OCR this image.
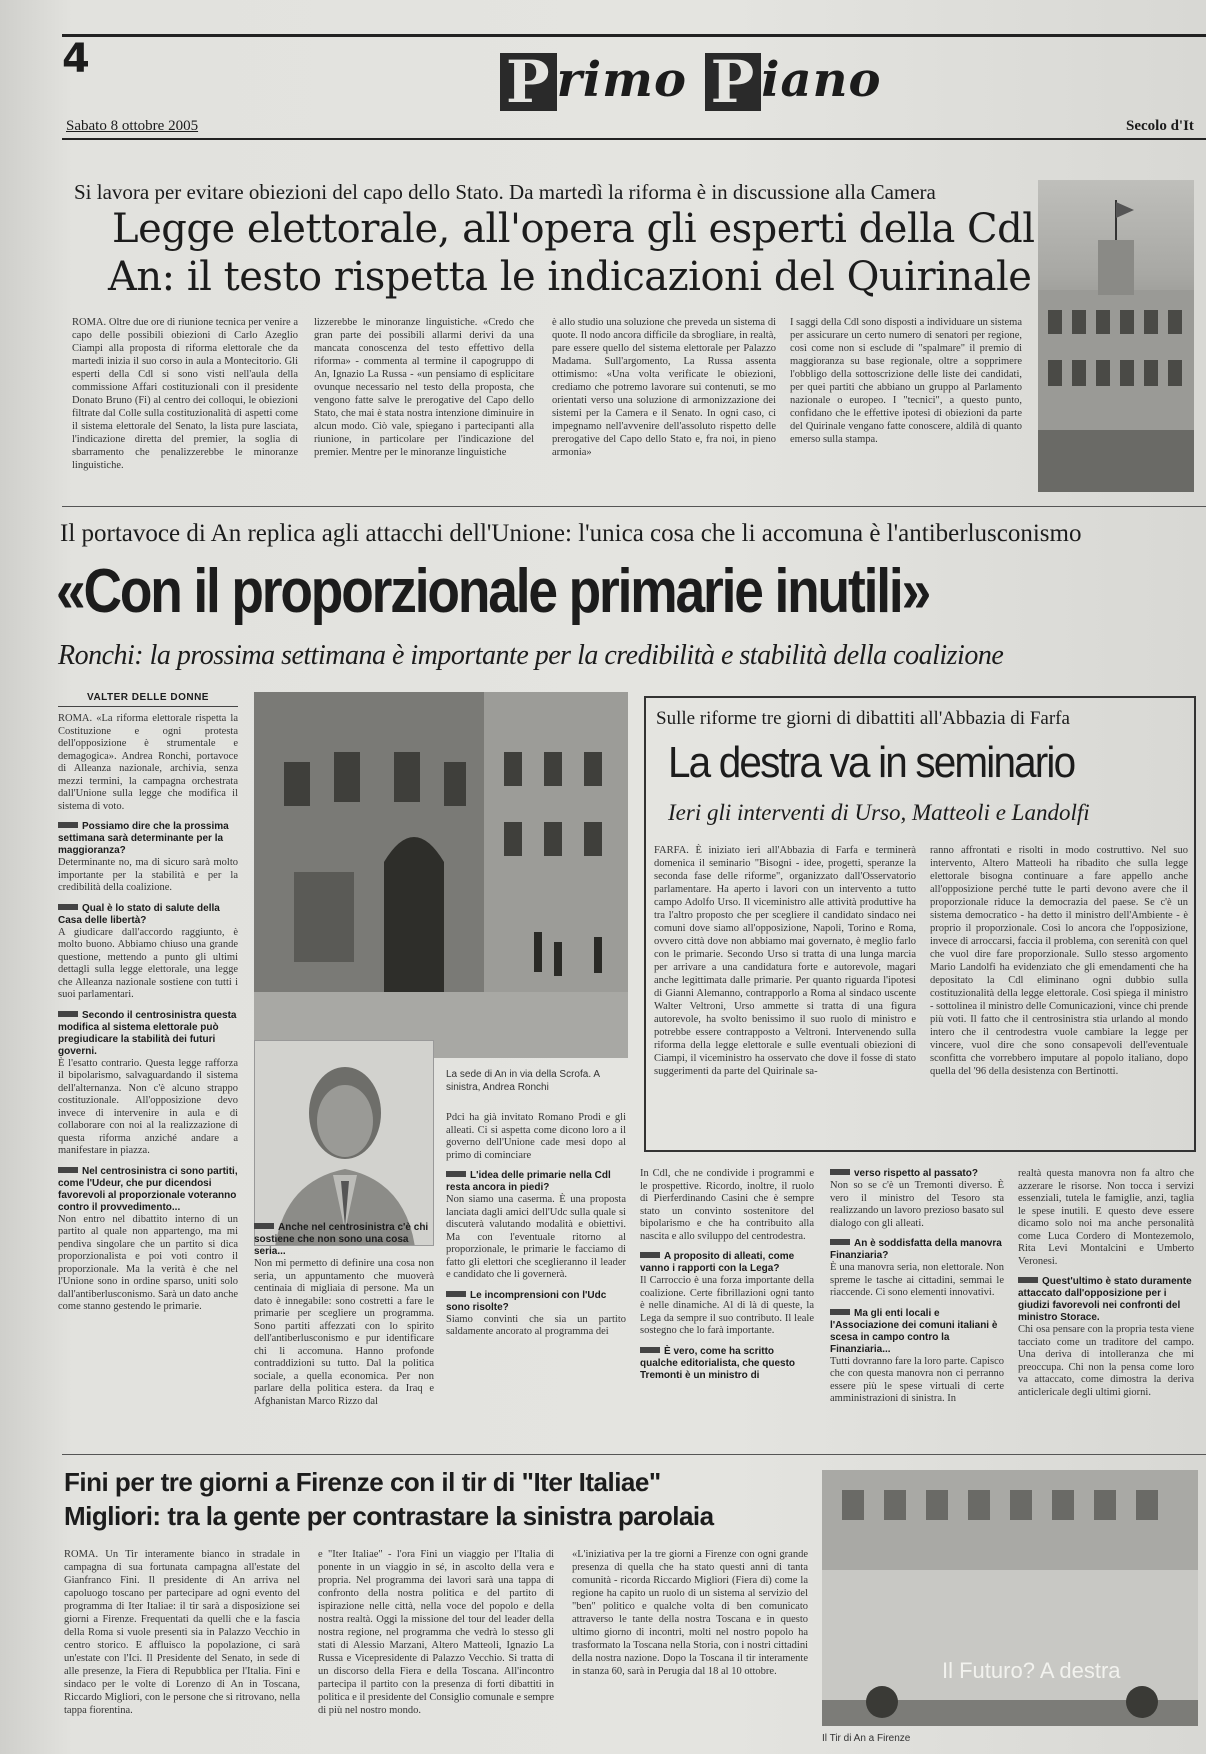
4	P rimo P iano
Sabato 8 ottobre 2005	Secolo d'It
Si lavora per evitare obiezioni del capo dello Stato. Da martedì la riforma è in discussione alla Camera
Legge elettorale, all'opera gli esperti della Cdl
An: il testo rispetta le indicazioni del Quirinale
ROMA. Oltre due ore di riunione tecnica per venire a capo delle possibili obiezioni di Carlo Azeglio Ciampi alla proposta di riforma elettorale che da martedì inizia il suo corso in aula a Montecitorio. Gli esperti della Cdl si sono visti nell'aula della commissione Affari costituzionali con il presidente Donato Bruno (Fi) al centro dei colloqui, le obiezioni filtrate dal Colle sulla costituzionalità di aspetti come il sistema elettorale del Senato, la lista pure lasciata, l'indicazione diretta del premier, la soglia di sbarramento che penalizzerebbe le minoranze linguistiche.
lizzerebbe le minoranze linguistiche. «Credo che gran parte dei possibili allarmi derivi da una mancata conoscenza del testo effettivo della riforma» - commenta al termine il capogruppo di An, Ignazio La Russa - «un pensiamo di esplicitare ovunque necessario nel testo della proposta, che vengono fatte salve le prerogative del Capo dello Stato, che mai è stata nostra intenzione diminuire in alcun modo. Ciò vale, spiegano i partecipanti alla riunione, in particolare per l'indicazione del premier. Mentre per le minoranze linguistiche
è allo studio una soluzione che preveda un sistema di quote. Il nodo ancora difficile da sbrogliare, in realtà, pare essere quello del sistema elettorale per Palazzo Madama. Sull'argomento, La Russa assenta ottimismo: «Una volta verificate le obiezioni, crediamo che potremo lavorare sui contenuti, se mo orientati verso una soluzione di armonizzazione dei sistemi per la Camera e il Senato. In ogni caso, ci impegnamo nell'avvenire dell'assoluto rispetto delle prerogative del Capo dello Stato e, fra noi, in pieno armonia»
I saggi della Cdl sono disposti a individuare un sistema per assicurare un certo numero di senatori per regione, così come non si esclude di "spalmare" il premio di maggioranza su base regionale, oltre a sopprimere l'obbligo della sottoscrizione delle liste dei candidati, per quei partiti che abbiano un gruppo al Parlamento nazionale o europeo. I "tecnici", a questo punto, confidano che le effettive ipotesi di obiezioni da parte del Quirinale vengano fatte conoscere, aldilà di quanto emerso sulla stampa.
Il portavoce di An replica agli attacchi dell'Unione: l'unica cosa che li accomuna è l'antiberlusconismo
«Con il proporzionale primarie inutili»
Ronchi: la prossima settimana è importante per la credibilità e stabilità della coalizione
VALTER DELLE DONNE
ROMA. «La riforma elettorale rispetta la Costituzione e ogni protesta dell'opposizione è strumentale e demagogica». Andrea Ronchi, portavoce di Alleanza nazionale, archivia, senza mezzi termini, la campagna orchestrata dall'Unione sulla legge che modifica il sistema di voto.
Possiamo dire che la prossima settimana sarà determinante per la maggioranza?
Determinante no, ma di sicuro sarà molto importante per la stabilità e per la credibilità della coalizione.
Qual è lo stato di salute della Casa delle libertà?
A giudicare dall'accordo raggiunto, è molto buono. Abbiamo chiuso una grande questione, mettendo a punto gli ultimi dettagli sulla legge elettorale, una legge che Alleanza nazionale sostiene con tutti i suoi parlamentari.
Secondo il centrosinistra questa modifica al sistema elettorale può pregiudicare la stabilità dei futuri governi.
È l'esatto contrario. Questa legge rafforza il bipolarismo, salvaguardando il sistema dell'alternanza. Non c'è alcuno strappo costituzionale. All'opposizione devo invece di intervenire in aula e di collaborare con noi al la realizzazione di questa riforma anziché andare a manifestare in piazza.
Nel centrosinistra ci sono partiti, come l'Udeur, che pur dicendosi favorevoli al proporzionale voteranno contro il provvedimento...
Non entro nel dibattito interno di un partito al quale non appartengo, ma mi pendiva singolare che un partito si dica proporzionalista e poi voti contro il proporzionale. Ma la verità è che nel l'Unione sono in ordine sparso, uniti solo dall'antiberlusconismo. Sarà un dato anche come stanno gestendo le primarie.
La sede di An in via della Scrofa. A sinistra, Andrea Ronchi
Anche nel centrosinistra c'è chi sostiene che non sono una cosa seria...
Non mi permetto di definire una cosa non seria, un appuntamento che muoverà centinaia di migliaia di persone. Ma un dato è innegabile: sono costretti a fare le primarie per scegliere un programma. Sono partiti affezzati con lo spirito dell'antiberlusconismo e pur identificare chi li accomuna. Hanno profonde contraddizioni su tutto. Dal la politica sociale, a quella economica. Per non parlare della politica estera. da Iraq e Afghanistan Marco Rizzo dal
Pdci ha già invitato Romano Prodi e gli alleati. Ci si aspetta come dicono loro a il governo dell'Unione cade mesi dopo al primo di cominciare
L'idea delle primarie nella Cdl resta ancora in piedi?
Non siamo una caserma. È una proposta lanciata dagli amici dell'Udc sulla quale si discuterà valutando modalità e obiettivi. Ma con l'eventuale ritorno al proporzionale, le primarie le facciamo di fatto gli elettori che sceglieranno il leader e candidato che li governerà.
Le incomprensioni con l'Udc sono risolte?
Siamo convinti che sia un partito saldamente ancorato al programma dei
In Cdl, che ne condivide i programmi e le prospettive. Ricordo, inoltre, il ruolo di Pierferdinando Casini che è sempre stato un convinto sostenitore del bipolarismo e che ha contribuito alla nascita e allo sviluppo del centrodestra.
A proposito di alleati, come vanno i rapporti con la Lega?
Il Carroccio è una forza importante della coalizione. Certe fibrillazioni ogni tanto è nelle dinamiche. Al di là di queste, la Lega da sempre il suo contributo. Il leale sostegno che lo farà importante.
È vero, come ha scritto qualche editorialista, che questo Tremonti è un ministro di
verso rispetto al passato?
Non so se c'è un Tremonti diverso. È vero il ministro del Tesoro sta realizzando un lavoro prezioso basato sul dialogo con gli alleati.
An è soddisfatta della manovra Finanziaria?
È una manovra seria, non elettorale. Non spreme le tasche ai cittadini, semmai le riaccende. Ci sono elementi innovativi.
Ma gli enti locali e l'Associazione dei comuni italiani è scesa in campo contro la Finanziaria...
Tutti dovranno fare la loro parte. Capisco che con questa manovra non ci perranno essere più le spese virtuali di certe amministrazioni di sinistra. In
realtà questa manovra non fa altro che azzerare le risorse. Non tocca i servizi essenziali, tutela le famiglie, anzi, taglia le spese inutili. E questo deve essere dicamo solo noi ma anche personalità come Luca Cordero di Montezemolo, Rita Levi Montalcini e Umberto Veronesi.
Quest'ultimo è stato duramente attaccato dall'opposizione per i giudizi favorevoli nei confronti del ministro Storace.
Chi osa pensare con la propria testa viene tacciato come un traditore del campo. Una deriva di intolleranza che mi preoccupa. Chi non la pensa come loro va attaccato, come dimostra la deriva anticlericale degli ultimi giorni.
Sulle riforme tre giorni di dibattiti all'Abbazia di Farfa
La destra va in seminario
Ieri gli interventi di Urso, Matteoli e Landolfi
FARFA. È iniziato ieri all'Abbazia di Farfa e terminerà domenica il seminario "Bisogni - idee, progetti, speranze la seconda fase delle riforme", organizzato dall'Osservatorio parlamentare. Ha aperto i lavori con un intervento a tutto campo Adolfo Urso. Il viceministro alle attività produttive ha tra l'altro proposto che per scegliere il candidato sindaco nei comuni dove siamo all'opposizione, Napoli, Torino e Roma, ovvero città dove non abbiamo mai governato, è meglio farlo con le primarie. Secondo Urso si tratta di una lunga marcia per arrivare a una candidatura forte e autorevole, magari anche legittimata dalle primarie. Per quanto riguarda l'ipotesi di Gianni Alemanno, contrapporlo a Roma al sindaco uscente Walter Veltroni, Urso ammette si tratta di una figura autorevole, ha svolto benissimo il suo ruolo di ministro e potrebbe essere contrapposto a Veltroni. Intervenendo sulla riforma della legge elettorale e sulle eventuali obiezioni di Ciampi, il viceministro ha osservato che dove il fosse di stato suggerimenti da parte del Quirinale sa-
ranno affrontati e risolti in modo costruttivo. Nel suo intervento, Altero Matteoli ha ribadito che sulla legge elettorale bisogna continuare a fare appello anche all'opposizione perché tutte le parti devono avere che il proporzionale riduce la democrazia del paese. Se c'è un sistema democratico - ha detto il ministro dell'Ambiente - è proprio il proporzionale. Così lo ancora che l'opposizione, invece di arroccarsi, faccia il problema, con serenità con quel che vuol dire fare proporzionale. Sullo stesso argomento Mario Landolfi ha evidenziato che gli emendamenti che ha depositato la Cdl eliminano ogni dubbio sulla costituzionalità della legge elettorale. Così spiega il ministro - sottolinea il ministro delle Comunicazioni, vince chi prende più voti. Il fatto che il centrosinistra stia urlando al mondo intero che il centrodestra vuole cambiare la legge per vincere, vuol dire che sono consapevoli dell'eventuale sconfitta che vorrebbero imputare al popolo italiano, dopo quella del '96 della desistenza con Bertinotti.
Fini per tre giorni a Firenze con il tir di "Iter Italiae"
Migliori: tra la gente per contrastare la sinistra parolaia
ROMA. Un Tir interamente bianco in stradale in campagna di sua fortunata campagna all'estate del Gianfranco Fini. Il presidente di An arriva nel capoluogo toscano per partecipare ad ogni evento del programma di Iter Italiae: il tir sarà a disposizione sei giorni a Firenze. Frequentati da quelli che e la fascia della Roma si vuole presenti sia in Palazzo Vecchio in centro storico. E affluisco la popolazione, ci sarà un'estate con l'Ici. Il Presidente del Senato, in sede di alle presenze, la Fiera di Repubblica per l'Italia. Fini e sindaco per le volte di Lorenzo di An in Toscana, Riccardo Migliori, con le persone che si ritrovano, nella tappa fiorentina.
e "Iter Italiae" - l'ora Fini un viaggio per l'Italia di ponente in un viaggio in sé, in ascolto della vera e propria. Nel programma dei lavori sarà una tappa di confronto della nostra politica e del partito di ispirazione nelle città, nella voce del popolo e della nostra realtà. Oggi la missione del tour del leader della nostra regione, nel programma che vedrà lo stesso gli stati di Alessio Marzani, Altero Matteoli, Ignazio La Russa e Vicepresidente di Palazzo Vecchio. Si tratta di un discorso della Fiera e della Toscana. All'incontro partecipa il partito con la presenza di forti dibattiti in politica e il presidente del Consiglio comunale e sempre di più nel nostro mondo.
«L'iniziativa per la tre giorni a Firenze con ogni grande presenza di quella che ha stato questi anni di tanta comunità - ricorda Riccardo Migliori (Fiera di) come la regione ha capito un ruolo di un sistema al servizio del "ben" politico e qualche volta di ben comunicato attraverso le tante della nostra Toscana e in questo ultimo giorno di incontri, molti nel nostro popolo ha trasformato la Toscana nella Storia, con i nostri cittadini della nostra nazione. Dopo la Toscana il tir interamente in stanza 60, sarà in Perugia dal 18 al 10 ottobre.	Il Futuro? A destra
Il Tir di An a Firenze
